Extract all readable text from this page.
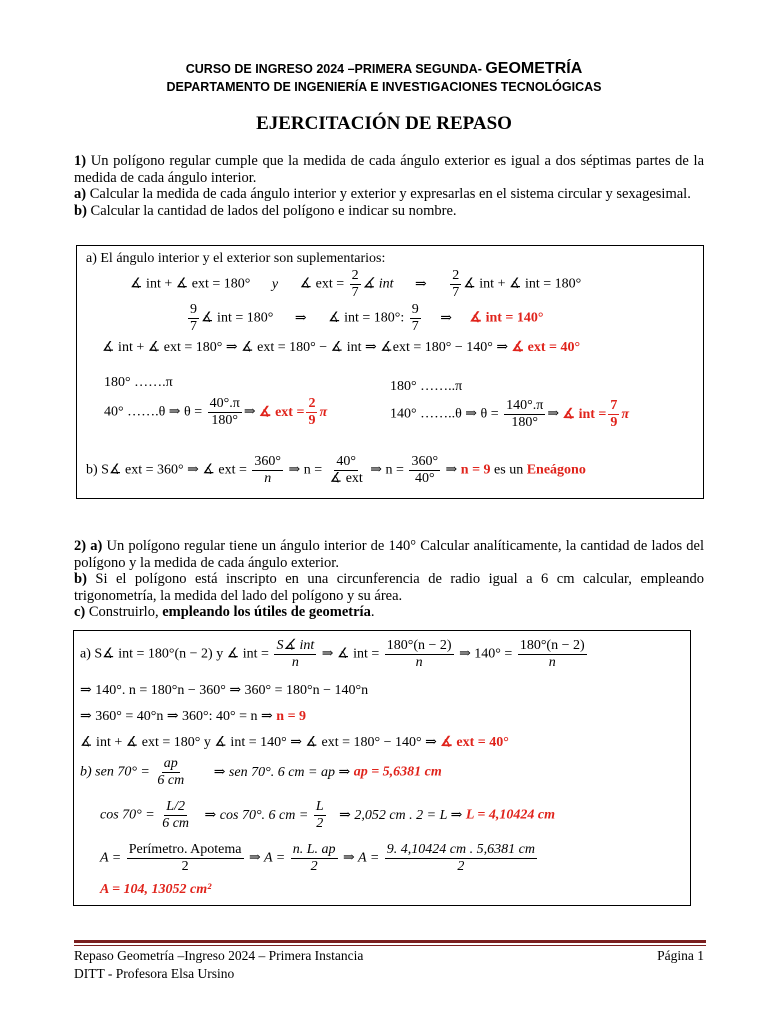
CURSO DE INGRESO 2024 –PRIMERA SEGUNDA- GEOMETRÍA
DEPARTAMENTO DE INGENIERÍA E INVESTIGACIONES TECNOLÓGICAS
EJERCITACIÓN DE REPASO
1) Un polígono regular cumple que la medida de cada ángulo exterior es igual a dos séptimas partes de la medida de cada ángulo interior.
a) Calcular la medida de cada ángulo interior y exterior y expresarlas en el sistema circular y sexagesimal.
b) Calcular la cantidad de lados del polígono e indicar su nombre.
a) El ángulo interior y el exterior son suplementarios:
∡ int + ∡ ext = 180° y ∡ ext = $\frac{2}{7}$ ∡ int ⇒ $\frac{2}{7}$ ∡ int + ∡ int = 180°
$\frac{9}{7}$ ∡ int = 180° ⇒ ∡ int = 180°: $\frac{9}{7}$ ⇒ ∡ int = 140°
∡ int + ∡ ext = 180° ⇒ ∡ ext = 180° − ∡ int ⇒ ∡ext = 180° − 140° ⇒ ∡ ext = 40°
180° …….π
40° …….θ ⇒ $\theta = \frac{40^\circ.\pi}{180^\circ}$ ⇒ ∡ ext = $\frac{2}{9}$ π
180° ……..π
140° ……..θ ⇒ $\theta = \frac{140^\circ.\pi}{180^\circ}$ ⇒ ∡ int = $\frac{7}{9}$ π
b) S∡ ext = 360° ⇒ ∡ ext = $\frac{360^\circ}{n}$ ⇒ $n = \frac{40^\circ}{\text{∡ ext}}$ ⇒ $n = \frac{360^\circ}{40^\circ}$ ⇒ n = 9 es un Eneágono
2) a) Un polígono regular tiene un ángulo interior de 140° Calcular analíticamente, la cantidad de lados del polígono y la medida de cada ángulo exterior.
b) Si el polígono está inscripto en una circunferencia de radio igual a 6 cm calcular, empleando trigonometría, la medida del lado del polígono y su área.
c) Construirlo, empleando los útiles de geometría.
a) S∡ int = 180°(n − 2) y ∡ int = $\frac{\text{S∡ int}}{n}$ ⇒ ∡ int = $\frac{180^\circ(n - 2)}{n}$ ⇒ $140^\circ = \frac{180^\circ(n - 2)}{n}$
⇒ 140°. n = 180°n − 360° ⇒ 360° = 180°n − 140°n
⇒ 360° = 40°n ⇒ 360°: 40° = n ⇒ n = 9
∡ int + ∡ ext = 180° y ∡ int = 140° ⇒ ∡ ext = 180° − 140° ⇒ ∡ ext = 40°
b) sen $70^\circ = \frac{ap}{6 cm}$ ⇒ sen 70°. 6 cm = ap ⇒ ap = 5,6381 cm
$\cos 70^\circ = \frac{L/2}{6 cm}$ ⇒ cos 70°. 6 cm = $\frac{L}{2}$ ⇒ 2,052 cm . 2 = L ⇒ L = 4,10424 cm
$A = \frac{\text{Perímetro. Apotema}}{2}$ ⇒ $A = \frac{n. L. ap}{2}$ ⇒ $A = \frac{9. 4,10424 cm . 5,6381 cm}{2}$
A = 104, 13052 cm²
Repaso Geometría –Ingreso 2024 – Primera Instancia	Página 1
DITT - Profesora Elsa Ursino
